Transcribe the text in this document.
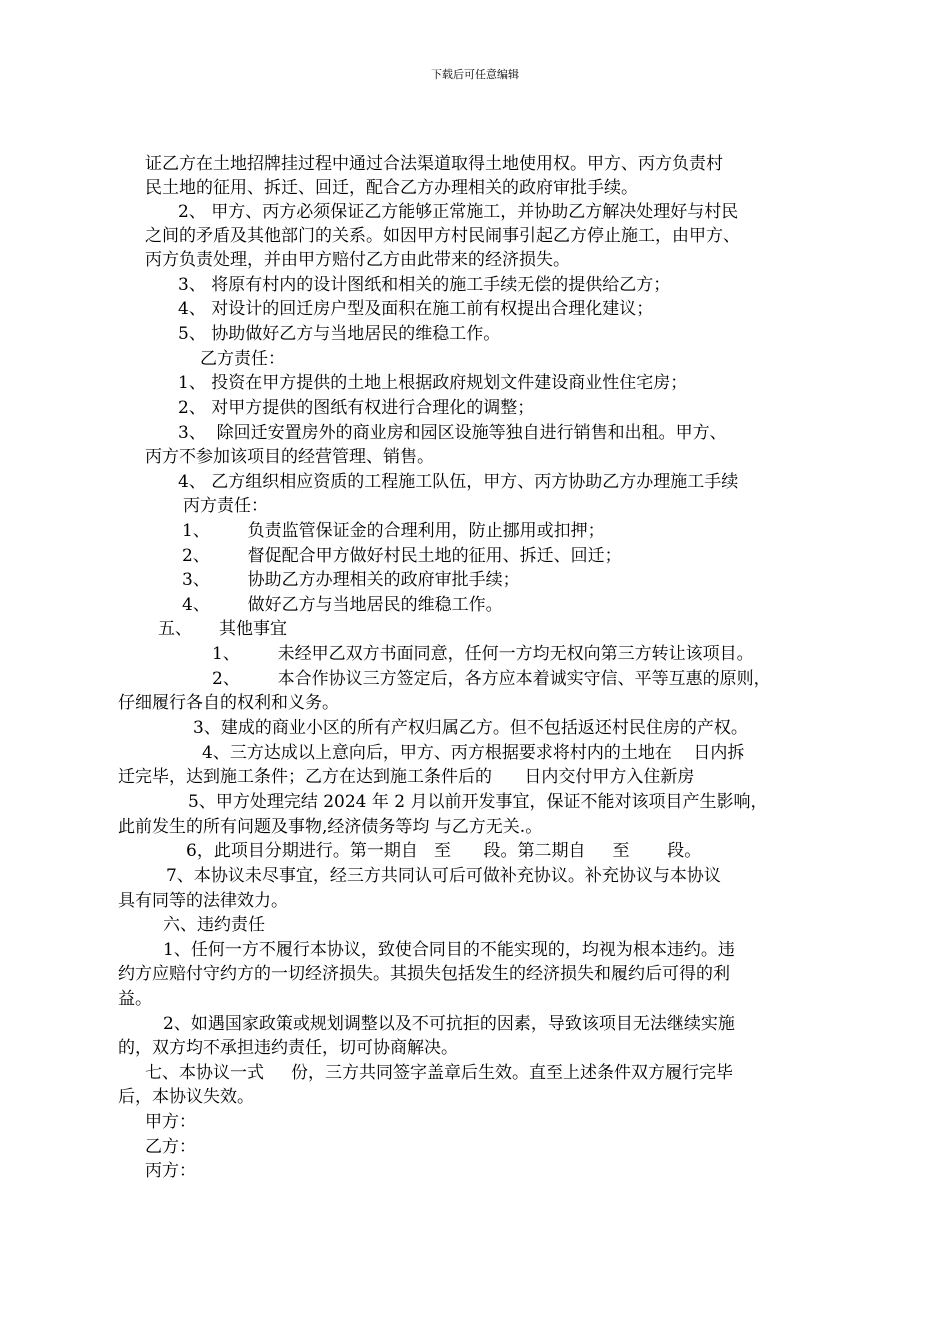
下载后可任意编辑
证乙方在土地招牌挂过程中通过合法渠道取得土地使用权。甲方、丙方负责村
民土地的征用、拆迁、回迁，配合乙方办理相关的政府审批手续。
2、 甲方、丙方必须保证乙方能够正常施工，并协助乙方解决处理好与村民
之间的矛盾及其他部门的关系。如因甲方村民闹事引起乙方停止施工，由甲方、
丙方负责处理，并由甲方赔付乙方由此带来的经济损失。
3、 将原有村内的设计图纸和相关的施工手续无偿的提供给乙方；
4、 对设计的回迁房户型及面积在施工前有权提出合理化建议；
5、 协助做好乙方与当地居民的维稳工作。
乙方责任：
1、 投资在甲方提供的土地上根据政府规划文件建设商业性住宅房；
2、 对甲方提供的图纸有权进行合理化的调整；
3、  除回迁安置房外的商业房和园区设施等独自进行销售和出租。甲方、
丙方不参加该项目的经营管理、销售。
4、 乙方组织相应资质的工程施工队伍，甲方、丙方协助乙方办理施工手续
丙方责任：
1、       负责监管保证金的合理利用，防止挪用或扣押；
2、       督促配合甲方做好村民土地的征用、拆迁、回迁；
3、       协助乙方办理相关的政府审批手续；
4、       做好乙方与当地居民的维稳工作。
五、     其他事宜
1、       未经甲乙双方书面同意，任何一方均无权向第三方转让该项目。
2、       本合作协议三方签定后，各方应本着诚实守信、平等互惠的原则，
仔细履行各自的权利和义务。
3、建成的商业小区的所有产权归属乙方。但不包括返还村民住房的产权。
4、三方达成以上意向后，甲方、丙方根据要求将村内的土地在    日内拆
迁完毕，达到施工条件；乙方在达到施工条件后的      日内交付甲方入住新房
5、甲方处理完结 2024 年 2 月以前开发事宜，保证不能对该项目产生影响，
此前发生的所有问题及事物,经济债务等均 与乙方无关.。
6，此项目分期进行。第一期自   至      段。第二期自     至       段。
7、本协议未尽事宜，经三方共同认可后可做补充协议。补充协议与本协议
具有同等的法律效力。
六、违约责任
1、任何一方不履行本协议，致使合同目的不能实现的，均视为根本违约。违
约方应赔付守约方的一切经济损失。其损失包括发生的经济损失和履约后可得的利
益。
2、如遇国家政策或规划调整以及不可抗拒的因素，导致该项目无法继续实施
的，双方均不承担违约责任，切可协商解决。
七、本协议一式     份，三方共同签字盖章后生效。直至上述条件双方履行完毕
后，本协议失效。
甲方：
乙方：
丙方：
